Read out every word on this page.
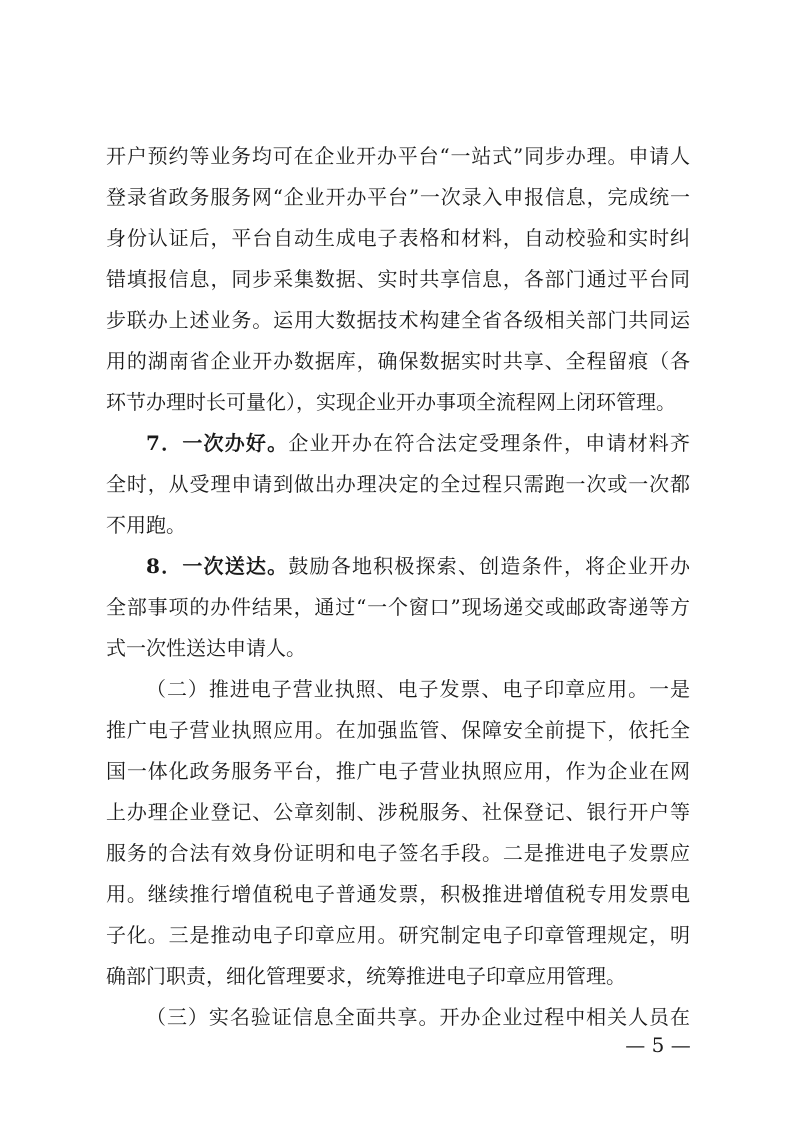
开户预约等业务均可在企业开办平台“一站式”同步办理。申请人
登录省政务服务网“企业开办平台”一次录入申报信息，完成统一
身份认证后，平台自动生成电子表格和材料，自动校验和实时纠
错填报信息，同步采集数据、实时共享信息，各部门通过平台同
步联办上述业务。运用大数据技术构建全省各级相关部门共同运
用的湖南省企业开办数据库，确保数据实时共享、全程留痕（各
环节办理时长可量化），实现企业开办事项全流程网上闭环管理。
7．一次办好。企业开办在符合法定受理条件，申请材料齐
全时，从受理申请到做出办理决定的全过程只需跑一次或一次都
不用跑。
8．一次送达。鼓励各地积极探索、创造条件，将企业开办
全部事项的办件结果，通过“一个窗口”现场递交或邮政寄递等方
式一次性送达申请人。
（二）推进电子营业执照、电子发票、电子印章应用。一是
推广电子营业执照应用。在加强监管、保障安全前提下，依托全
国一体化政务服务平台，推广电子营业执照应用，作为企业在网
上办理企业登记、公章刻制、涉税服务、社保登记、银行开户等
服务的合法有效身份证明和电子签名手段。二是推进电子发票应
用。继续推行增值税电子普通发票，积极推进增值税专用发票电
子化。三是推动电子印章应用。研究制定电子印章管理规定，明
确部门职责，细化管理要求，统筹推进电子印章应用管理。
（三）实名验证信息全面共享。开办企业过程中相关人员在
— 5 —
